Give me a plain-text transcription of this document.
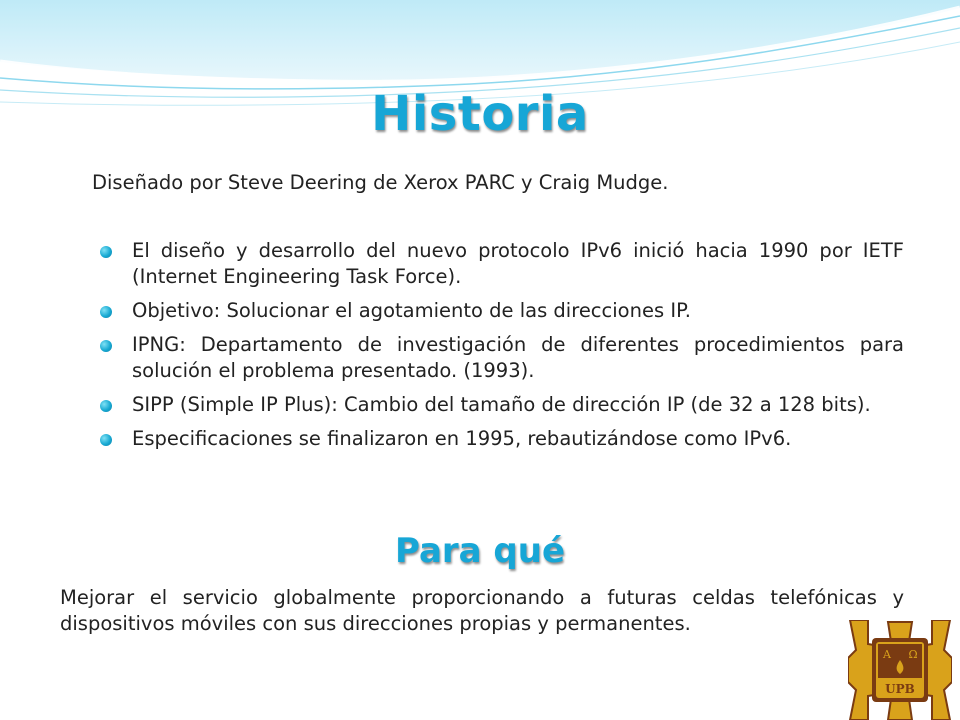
Historia

Diseñado por Steve Deering de Xerox PARC y Craig Mudge.

El diseño y desarrollo del nuevo protocolo IPv6 inició hacia 1990 por IETF (Internet Engineering Task Force).
Objetivo: Solucionar el agotamiento de las direcciones IP.
IPNG: Departamento de investigación de diferentes procedimientos para solución el problema presentado. (1993).
SIPP (Simple IP Plus): Cambio del tamaño de dirección IP (de 32 a 128 bits).
Especificaciones se finalizaron en 1995, rebautizándose como IPv6.
Para qué

Mejorar el servicio globalmente proporcionando a futuras celdas telefónicas y dispositivos móviles con sus direcciones propias y permanentes.

A Ω
UPB
